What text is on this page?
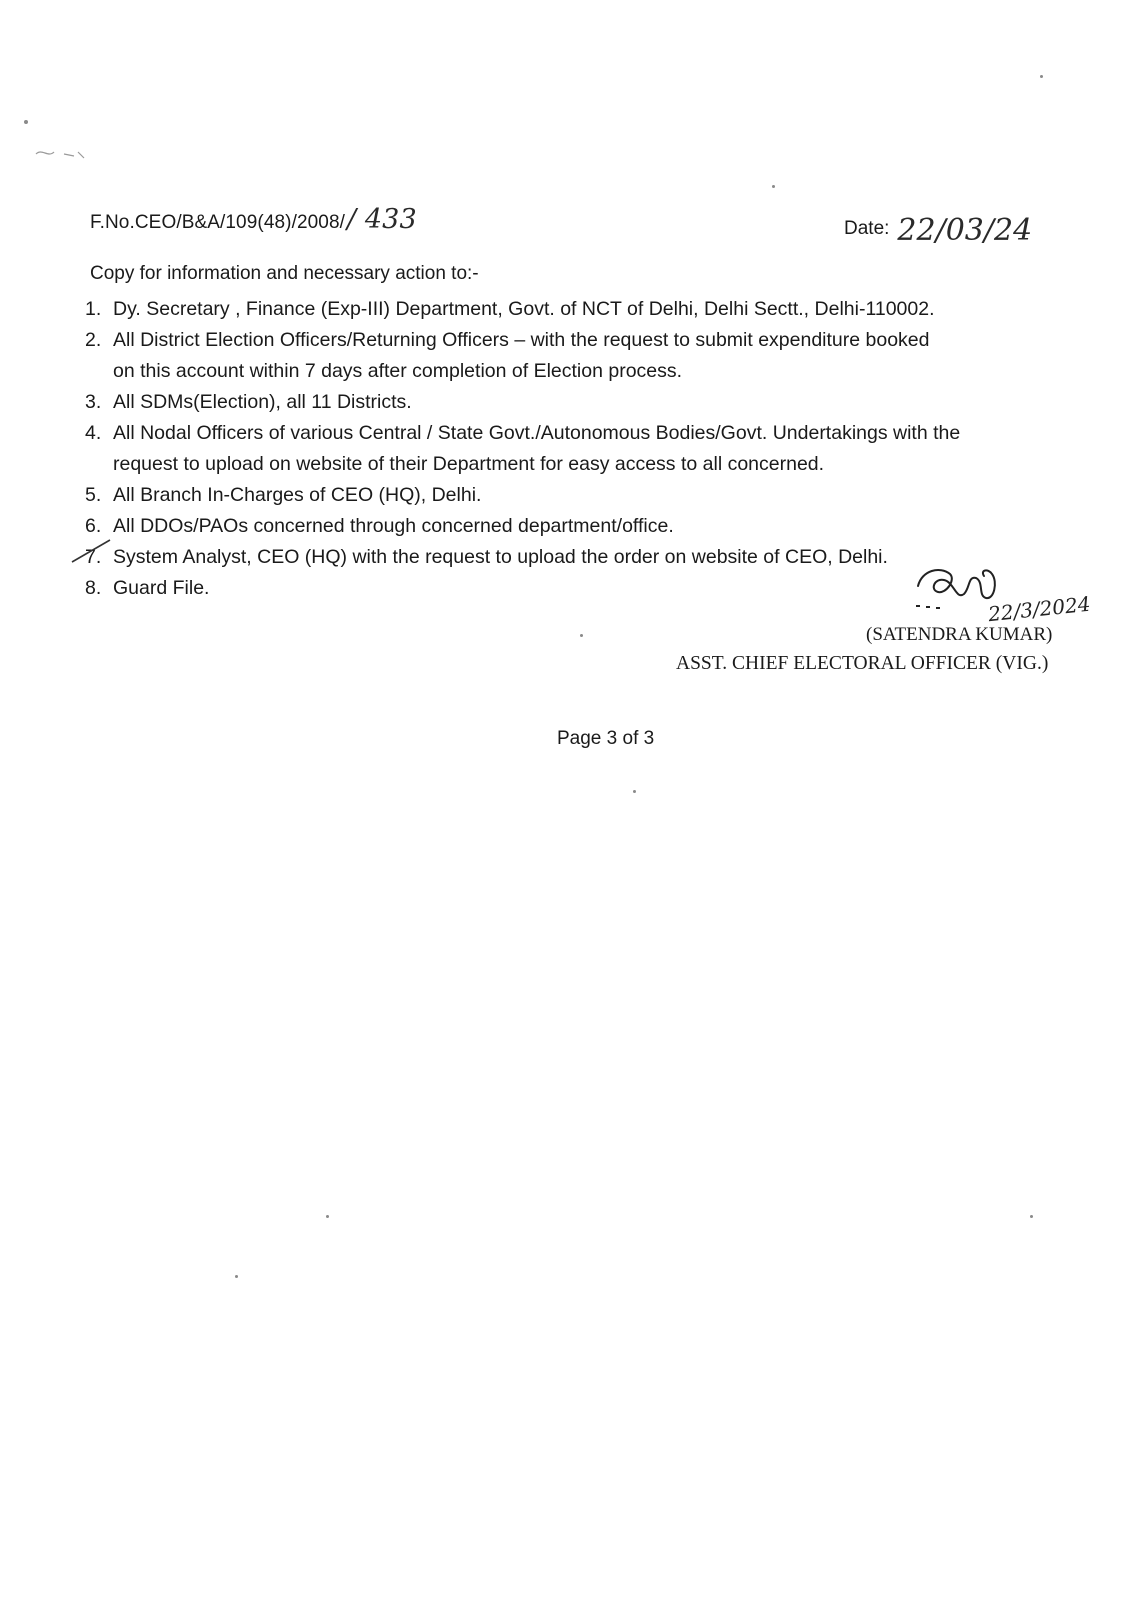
F.No.CEO/B&A/109(48)/2008// 433	Date: 22/03/24
Copy for information and necessary action to:-
1. Dy. Secretary , Finance (Exp-III) Department, Govt. of NCT of Delhi, Delhi Sectt., Delhi-110002.
2. All District Election Officers/Returning Officers – with the request to submit expenditure booked
on this account within 7 days after completion of Election process.
3. All SDMs(Election), all 11 Districts.
4. All Nodal Officers of various Central / State Govt./Autonomous Bodies/Govt. Undertakings with the
request to upload on website of their Department for easy access to all concerned.
5. All Branch In-Charges of CEO (HQ), Delhi.
6. All DDOs/PAOs concerned through concerned department/office.
7. System Analyst, CEO (HQ) with the request to upload the order on website of CEO, Delhi.
8. Guard File.
22/3/2024
(SATENDRA KUMAR)
ASST. CHIEF ELECTORAL OFFICER (VIG.)
Page 3 of 3
